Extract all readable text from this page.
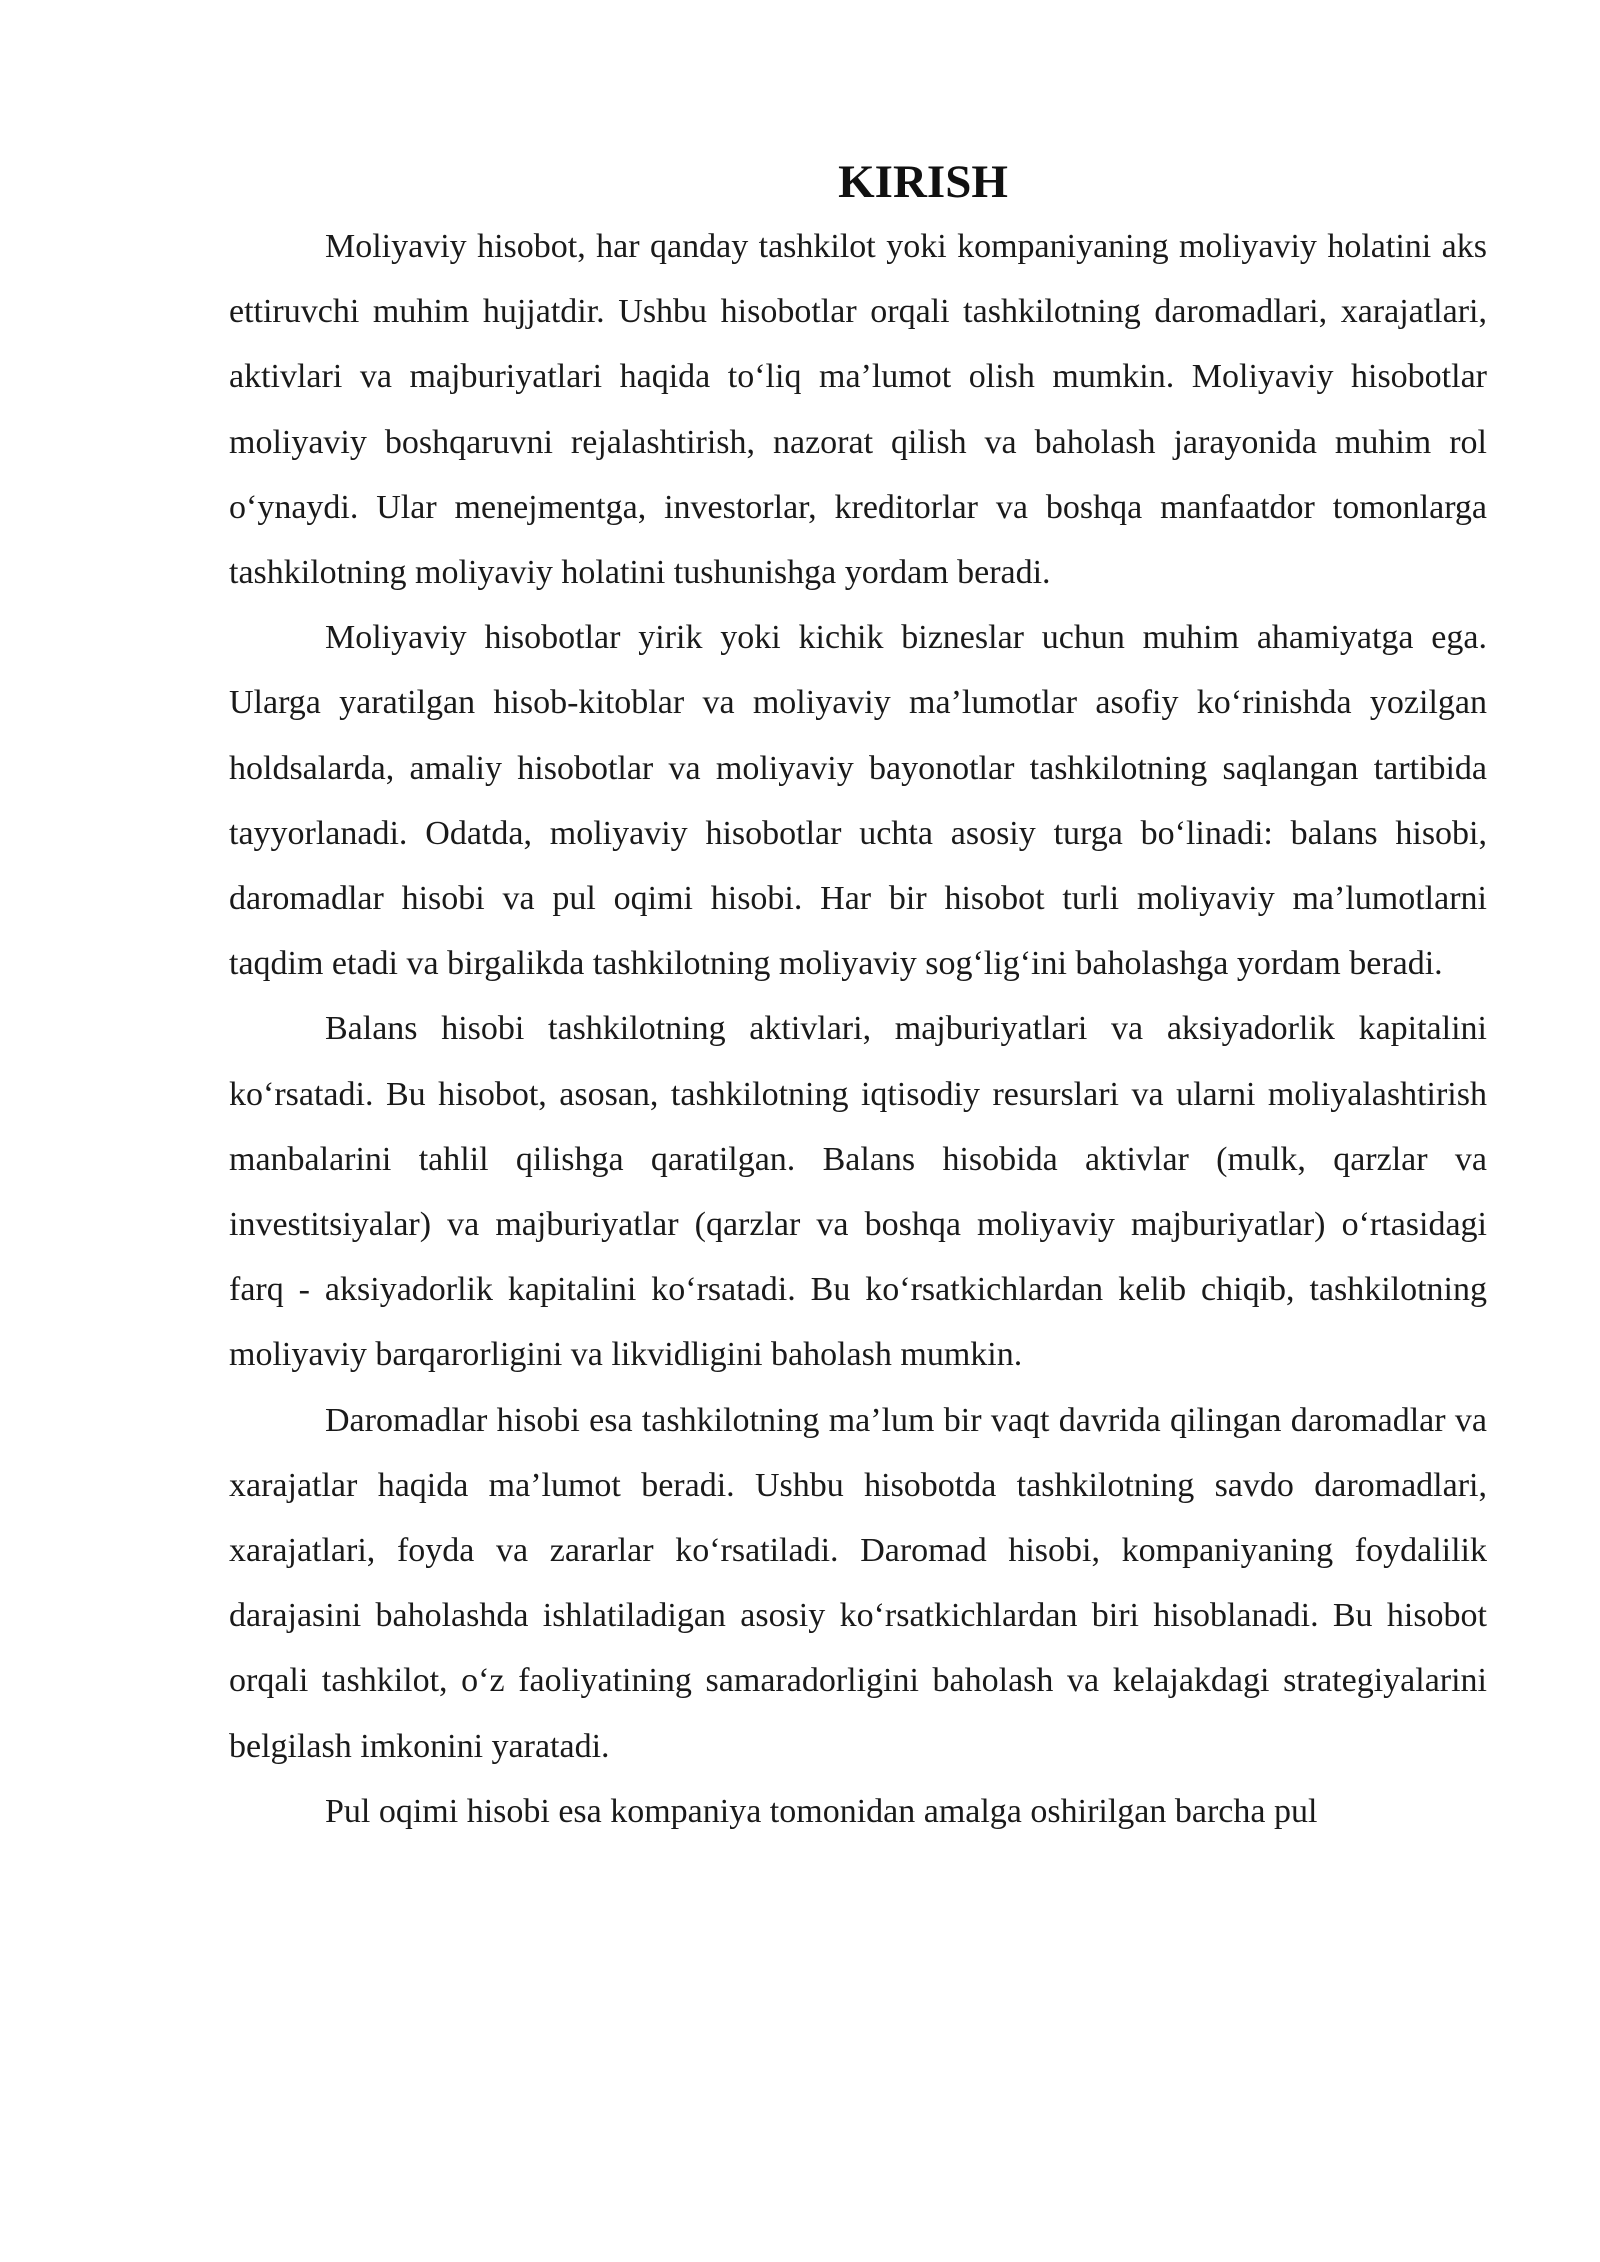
KIRISH

Moliyaviy hisobot, har qanday tashkilot yoki kompaniyaning moliyaviy holatini aks ettiruvchi muhim hujjatdir. Ushbu hisobotlar orqali tashkilotning daromadlari, xarajatlari, aktivlari va majburiyatlari haqida to‘liq ma’lumot olish mumkin. Moliyaviy hisobotlar moliyaviy boshqaruvni rejalashtirish, nazorat qilish va baholash jarayonida muhim rol o‘ynaydi. Ular menejmentga, investorlar, kreditorlar va boshqa manfaatdor tomonlarga tashkilotning moliyaviy holatini tushunishga yordam beradi.

Moliyaviy hisobotlar yirik yoki kichik bizneslar uchun muhim ahamiyatga ega. Ularga yaratilgan hisob-kitoblar va moliyaviy ma’lumotlar asofiy ko‘rinishda yozilgan holdsalarda, amaliy hisobotlar va moliyaviy bayonotlar tashkilotning saqlangan tartibida tayyorlanadi. Odatda, moliyaviy hisobotlar uchta asosiy turga bo‘linadi: balans hisobi, daromadlar hisobi va pul oqimi hisobi. Har bir hisobot turli moliyaviy ma’lumotlarni taqdim etadi va birgalikda tashkilotning moliyaviy sog‘lig‘ini baholashga yordam beradi.

Balans hisobi tashkilotning aktivlari, majburiyatlari va aksiyadorlik kapitalini ko‘rsatadi. Bu hisobot, asosan, tashkilotning iqtisodiy resurslari va ularni moliyalashtirish manbalarini tahlil qilishga qaratilgan. Balans hisobida aktivlar (mulk, qarzlar va investitsiyalar) va majburiyatlar (qarzlar va boshqa moliyaviy majburiyatlar) o‘rtasidagi farq - aksiyadorlik kapitalini ko‘rsatadi. Bu ko‘rsatkichlardan kelib chiqib, tashkilotning moliyaviy barqarorligini va likvidligini baholash mumkin.

Daromadlar hisobi esa tashkilotning ma’lum bir vaqt davrida qilingan daromadlar va xarajatlar haqida ma’lumot beradi. Ushbu hisobotda tashkilotning savdo daromadlari, xarajatlari, foyda va zararlar ko‘rsatiladi. Daromad hisobi, kompaniyaning foydalilik darajasini baholashda ishlatiladigan asosiy ko‘rsatkichlardan biri hisoblanadi. Bu hisobot orqali tashkilot, o‘z faoliyatining samaradorligini baholash va kelajakdagi strategiyalarini belgilash imkonini yaratadi.

Pul oqimi hisobi esa kompaniya tomonidan amalga oshirilgan barcha pul
